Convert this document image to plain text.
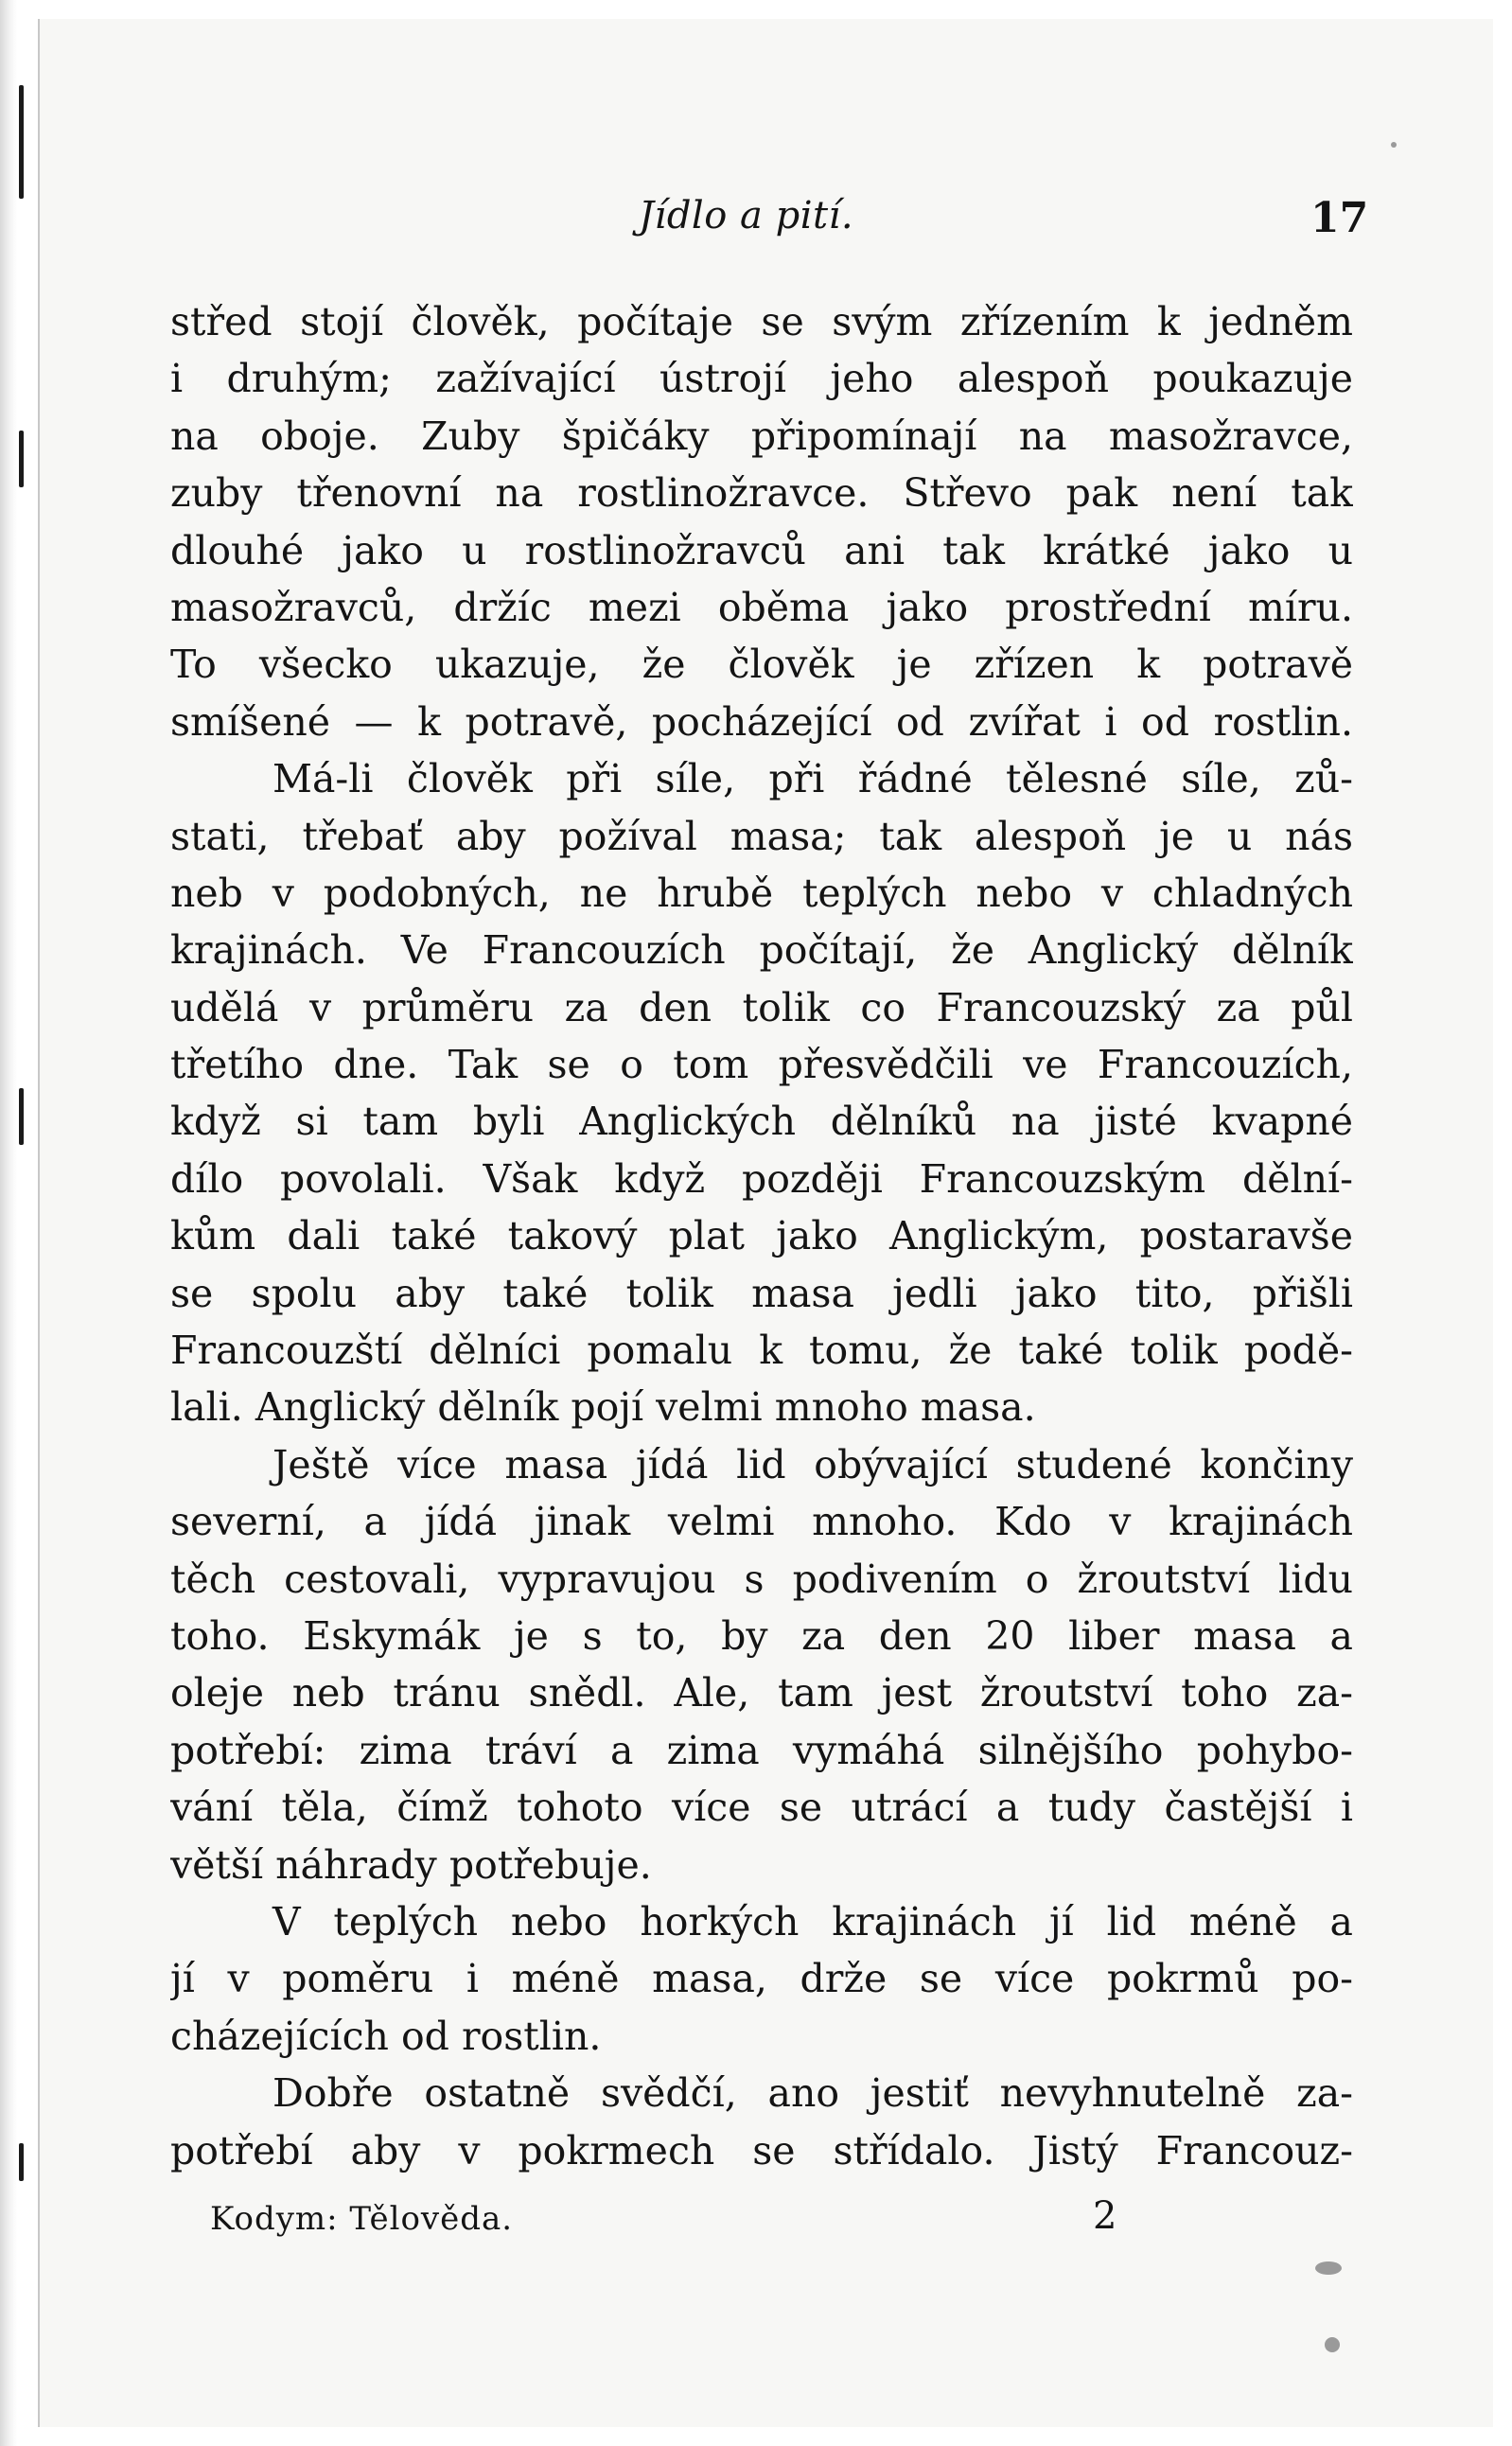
Jídlo a pití.	17
střed stojí člověk, počítaje se svým zřízením k jedněm
i druhým; zažívající ústrojí jeho alespoň poukazuje
na oboje. Zuby špičáky připomínají na masožravce,
zuby třenovní na rostlinožravce. Střevo pak není tak
dlouhé jako u rostlinožravců ani tak krátké jako u
masožravců, držíc mezi oběma jako prostřední míru.
To všecko ukazuje, že člověk je zřízen k potravě
smíšené — k potravě, pocházející od zvířat i od rostlin.
Má-li člověk při síle, při řádné tělesné síle, zů-
stati, třebať aby požíval masa; tak alespoň je u nás
neb v podobných, ne hrubě teplých nebo v chladných
krajinách. Ve Francouzích počítají, že Anglický dělník
udělá v průměru za den tolik co Francouzský za půl
třetího dne. Tak se o tom přesvědčili ve Francouzích,
když si tam byli Anglických dělníků na jisté kvapné
dílo povolali. Však když později Francouzským dělní-
kům dali také takový plat jako Anglickým, postaravše
se spolu aby také tolik masa jedli jako tito, přišli
Francouzští dělníci pomalu k tomu, že také tolik podě-
lali. Anglický dělník pojí velmi mnoho masa.
Ještě více masa jídá lid obývající studené končiny
severní, a jídá jinak velmi mnoho. Kdo v krajinách
těch cestovali, vypravujou s podivením o žroutství lidu
toho. Eskymák je s to, by za den 20 liber masa a
oleje neb tránu snědl. Ale, tam jest žroutství toho za-
potřebí: zima tráví a zima vymáhá silnějšího pohybo-
vání těla, čímž tohoto více se utrácí a tudy častější i
větší náhrady potřebuje.
V teplých nebo horkých krajinách jí lid méně a
jí v poměru i méně masa, drže se více pokrmů po-
cházejících od rostlin.
Dobře ostatně svědčí, ano jestiť nevyhnutelně za-
potřebí aby v pokrmech se střídalo. Jistý Francouz-
Kodym: Tělověda.	2
